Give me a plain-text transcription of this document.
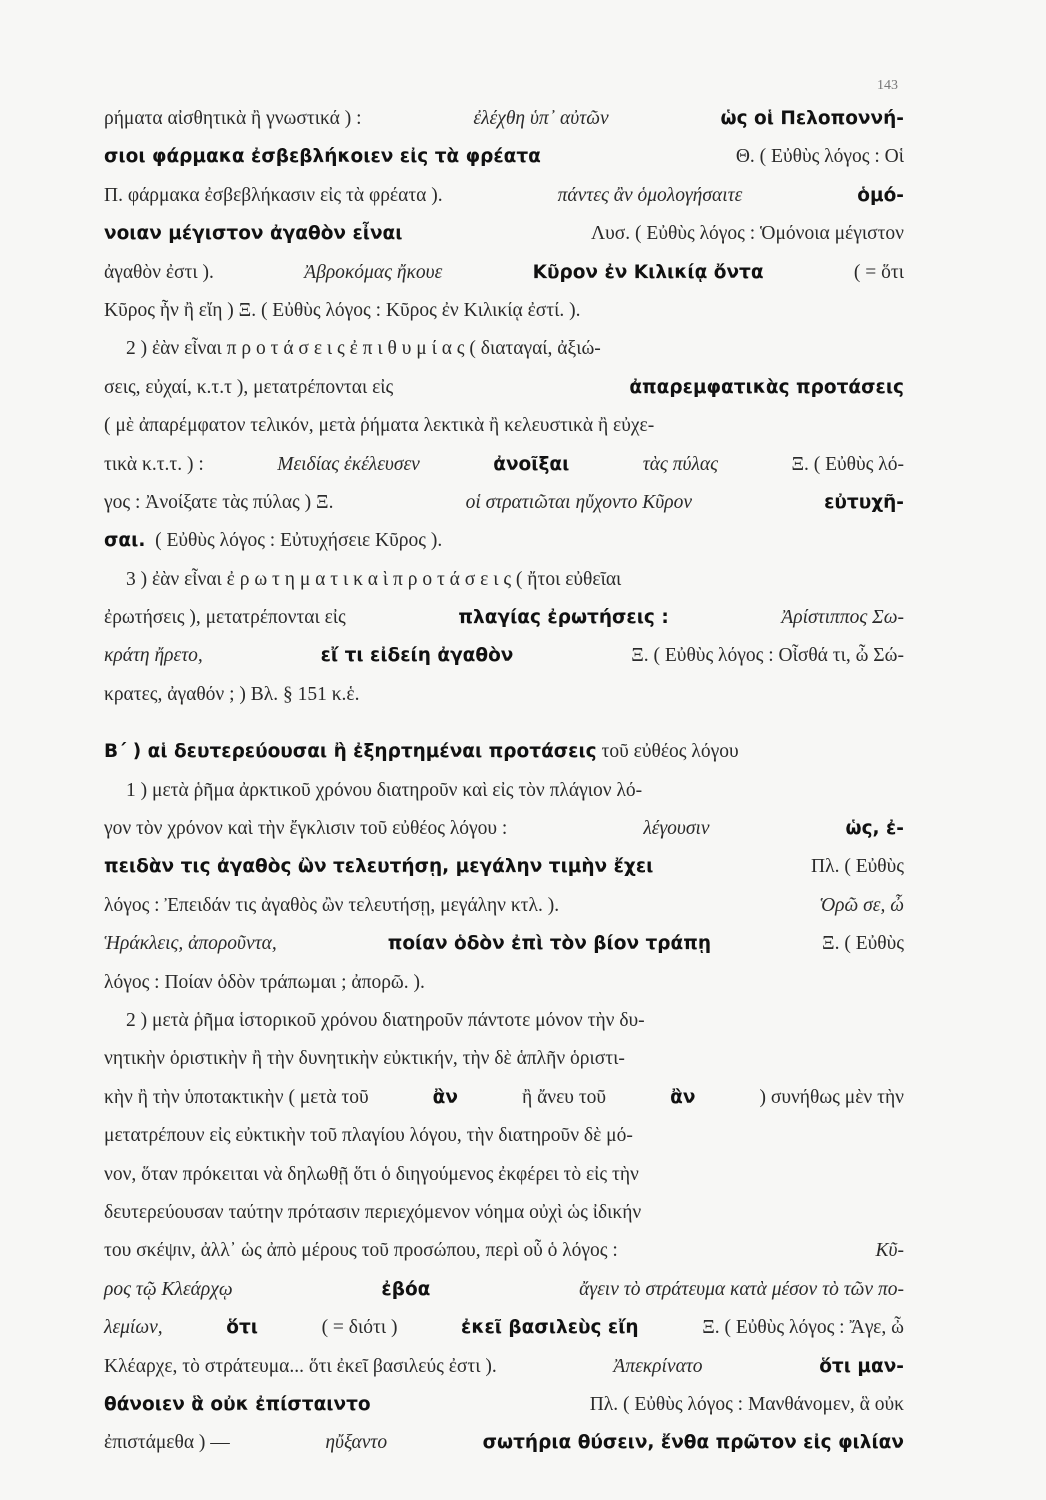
143
ρήματα αἰσθητικὰ ἢ γνωστικά ) :
	ἐλέχθη ὑπ᾽ αὐτῶν
	ὡς οἱ Πελοποννή-
σιοι φάρμακα ἐσβεβλήκοιεν εἰς τὰ φρέατα	Θ. ( Εὐθὺς λόγος : Οἱ
Π. φάρμακα ἐσβεβλήκασιν εἰς τὰ φρέατα ).	πάντες ἂν ὁμολογήσαιτε	ὁμό-
νοιαν μέγιστον ἀγαθὸν εἶναι	Λυσ. ( Εὐθὺς λόγος : Ὁμόνοια μέγιστον
ἀγαθὸν ἐστι ).	Ἀβροκόμας ἤκουε	Κῦρον ἐν Κιλικίᾳ ὄντα	( = ὅτι
Κῦρος ἦν ἢ εἴη ) Ξ. ( Εὐθὺς λόγος : Κῦρος ἐν Κιλικίᾳ ἐστί. ).
2 ) ἐὰν εἶναι π ρ ο τ ά σ ε ι ς ἐ π ι θ υ μ ί α ς ( διαταγαί, ἀξιώ-
σεις, εὐχαί, κ.τ.τ ), μετατρέπονται εἰς	ἀπαρεμφατικὰς προτάσεις
( μὲ ἀπαρέμφατον τελικόν, μετὰ ῥήματα λεκτικὰ ἢ κελευστικὰ ἢ εὐχε-
τικὰ κ.τ.τ. ) :	Μειδίας ἐκέλευσεν	ἀνοῖξαι	τὰς πύλας	Ξ. ( Εὐθὺς λό-
γος : Ἀνοίξατε τὰς πύλας ) Ξ.	οἱ στρατιῶται ηὔχοντο Κῦρον	εὐτυχῆ-
σαι.
( Εὐθὺς λόγος : Εὐτυχήσειε Κῦρος ).
3 ) ἐὰν εἶναι ἐ ρ ω τ η μ α τ ι κ α ὶ π ρ ο τ ά σ ε ι ς ( ἤτοι εὐθεῖαι
ἐρωτήσεις ), μετατρέπονται εἰς	πλαγίας ἐρωτήσεις :	Ἀρίστιππος Σω-
κράτη ἤρετο,	εἴ τι εἰδείη ἀγαθὸν	Ξ. ( Εὐθὺς λόγος : Οἶσθά τι, ὦ Σώ-
κρατες, ἀγαθόν ; ) Βλ. § 151 κ.ἑ.
Β΄ ) αἱ δευτερεύουσαι ἢ ἐξηρτημέναι προτάσεις
τοῦ εὐθέος λόγου
1 ) μετὰ ῥῆμα ἀρκτικοῦ χρόνου διατηροῦν καὶ εἰς τὸν πλάγιον λό-
γον τὸν χρόνον καὶ τὴν ἔγκλισιν τοῦ εὐθέος λόγου :	λέγουσιν	ὡς, ἐ-
πειδὰν τις ἀγαθὸς ὢν τελευτήσῃ, μεγάλην τιμὴν ἔχει	Πλ. ( Εὐθὺς
λόγος : Ἐπειδάν τις ἀγαθὸς ὢν τελευτήσῃ, μεγάλην κτλ. ).	Ὁρῶ σε, ὦ
Ἡράκλεις, ἀπορoῦντα,	ποίαν ὁδὸν ἐπὶ τὸν βίον τράπῃ	Ξ. ( Εὐθὺς
λόγος : Ποίαν ὁδὸν τράπωμαι ; ἀπορῶ. ).
2 ) μετὰ ῥῆμα ἱστορικοῦ χρόνου διατηροῦν πάντοτε μόνον τὴν δυ-
νητικὴν ὁριστικὴν ἢ τὴν δυνητικὴν εὐκτικήν, τὴν δὲ ἁπλῆν ὁριστι-
κὴν ἢ τὴν ὑποτακτικὴν ( μετὰ τοῦ	ἂν	ἢ ἄνευ τοῦ	ἂν	) συνήθως μὲν τὴν
μετατρέπουν εἰς εὐκτικὴν τοῦ πλαγίου λόγου, τὴν διατηροῦν δὲ μό-
νον, ὅταν πρόκειται νὰ δηλωθῇ ὅτι ὁ διηγούμενος ἐκφέρει τὸ εἰς τὴν
δευτερεύουσαν ταύτην πρότασιν περιεχόμενον νόημα οὐχὶ ὡς ἰδικήν
του σκέψιν, ἀλλ᾽ ὡς ἀπὸ μέρους τοῦ προσώπου, περὶ οὗ ὁ λόγος :	Κῦ-
ρος τῷ Κλεάρχῳ	ἐβόα	ἄγειν τὸ στράτευμα κατὰ μέσον τὸ τῶν πο-
λεμίων,	ὅτι	( = διότι )	ἐκεῖ βασιλεὺς εἴη	Ξ. ( Εὐθὺς λόγος : Ἄγε, ὦ
Κλέαρχε, τὸ στράτευμα... ὅτι ἐκεῖ βασιλεύς ἐστι ).	Ἀπεκρίνατο	ὅτι μαν-
θάνοιεν ἃ οὐκ ἐπίσταιντο	Πλ. ( Εὐθὺς λόγος : Μανθάνομεν, ἃ οὐκ
ἐπιστάμεθα ) —	ηὔξαντο	σωτήρια θύσειν, ἔνθα πρῶτον εἰς φιλίαν
